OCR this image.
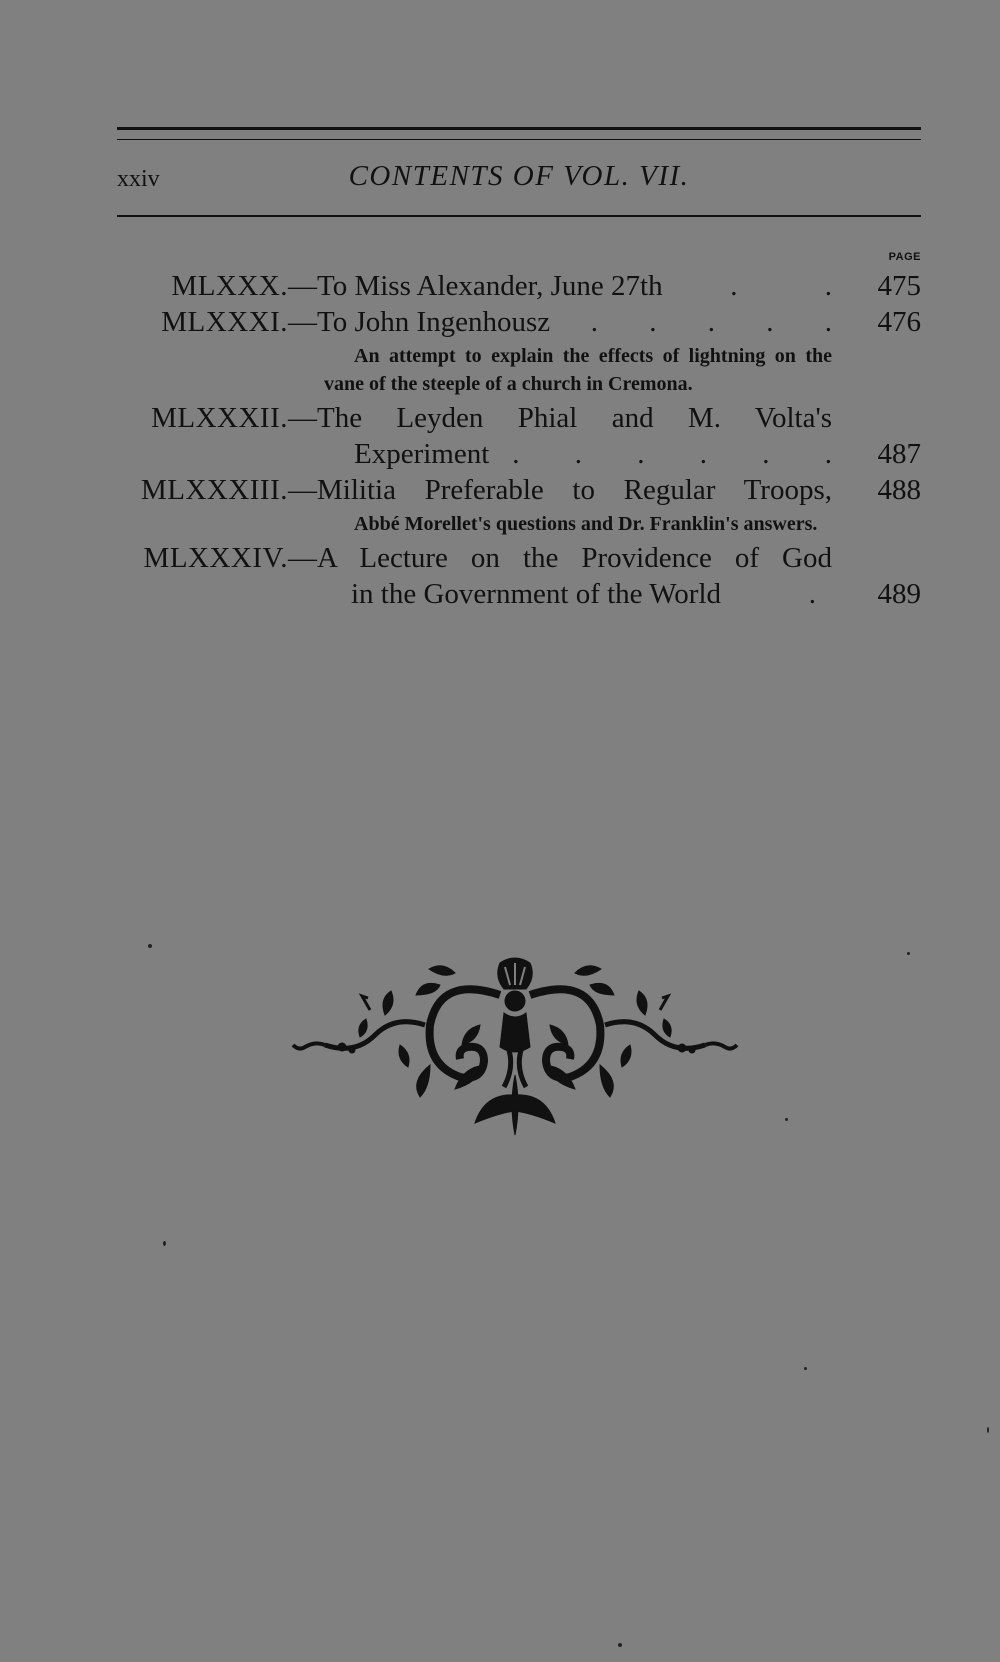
xxiv	CONTENTS OF VOL. VII.
PAGE
MLXXX. —To Miss Alexander, June 27th . . 475
MLXXXI. —To John Ingenhousz . . . . . 476
An attempt to explain the effects of lightning on the vane of the steeple of a church in Cremona.
MLXXXII. —The Leyden Phial and M. Volta's
Experiment . . . . . . 487
MLXXXIII. —Militia Preferable to Regular Troops,	488
Abbé Morellet's questions and Dr. Franklin's answers.
MLXXXIV. —A Lecture on the Providence of God
in the Government of the World	.	489
